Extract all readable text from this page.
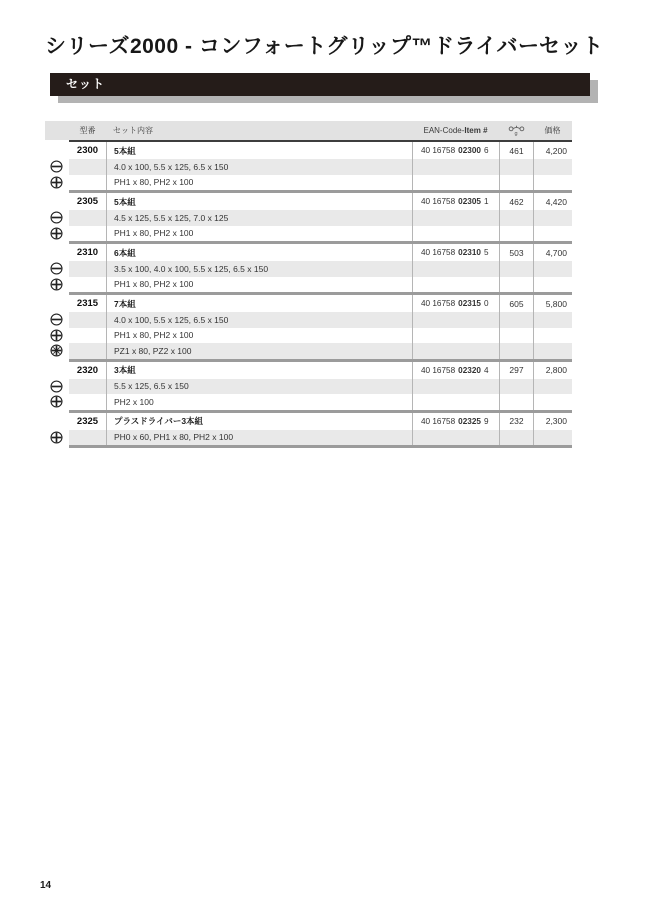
シリーズ2000 - コンフォートグリップ™ドライバーセット
セット
型番	セット内容	EAN-Code- Item #	g	価格
2300	5本組	40 16758 02300 6	461	4,200
4.0 x 100, 5.5 x 125, 6.5 x 150
PH1 x 80, PH2 x 100
2305	5本組	40 16758 02305 1	462	4,420
4.5 x 125, 5.5 x 125, 7.0 x 125
PH1 x 80, PH2 x 100
2310	6本組	40 16758 02310 5	503	4,700
3.5 x 100, 4.0 x 100, 5.5 x 125, 6.5 x 150
PH1 x 80, PH2 x 100
2315	7本組	40 16758 02315 0	605	5,800
4.0 x 100, 5.5 x 125, 6.5 x 150
PH1 x 80, PH2 x 100
PZ1 x 80, PZ2 x 100
2320	3本組	40 16758 02320 4	297	2,800
5.5 x 125, 6.5 x 150
PH2 x 100
2325	プラスドライバー3本組	40 16758 02325 9	232	2,300
PH0 x 60, PH1 x 80, PH2 x 100
14
